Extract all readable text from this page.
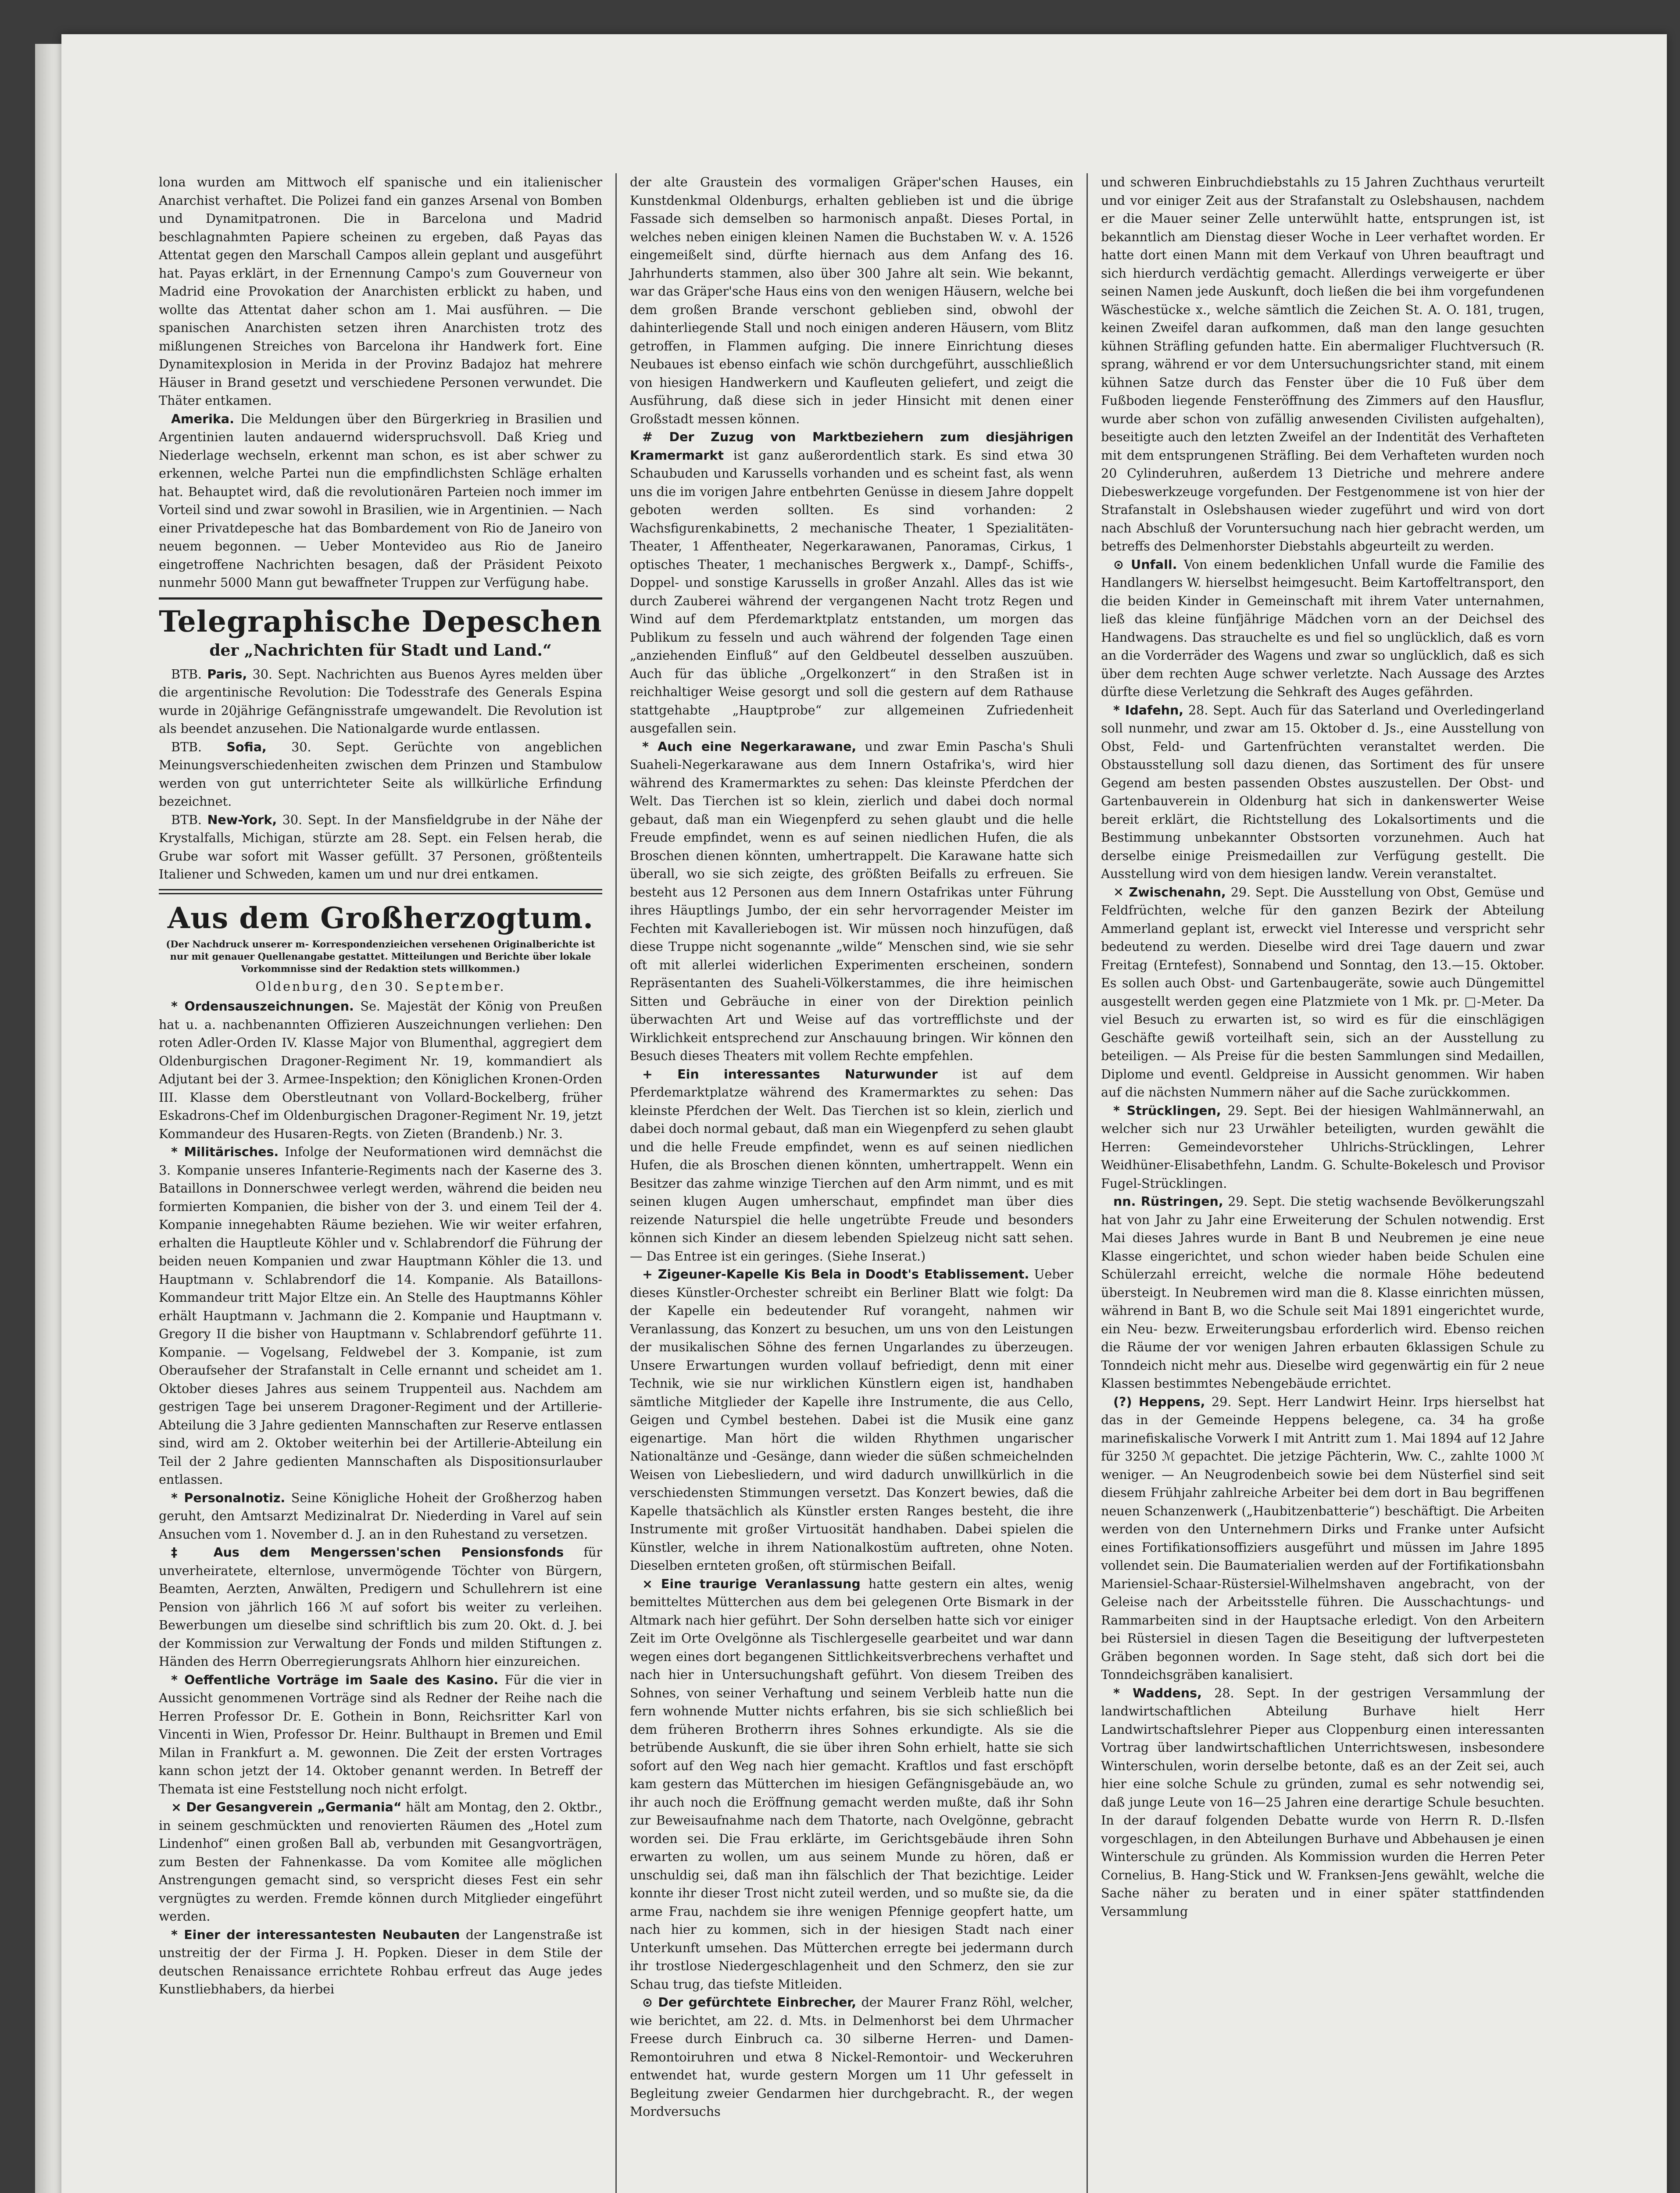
lona wurden am Mittwoch elf spanische und ein italienischer Anarchist verhaftet. Die Polizei fand ein ganzes Arsenal von Bomben und Dynamitpatronen. Die in Barcelona und Madrid beschlagnahmten Papiere scheinen zu ergeben, daß Payas das Attentat gegen den Marschall Campos allein geplant und ausgeführt hat. Payas erklärt, in der Ernennung Campo's zum Gouverneur von Madrid eine Provokation der Anarchisten erblickt zu haben, und wollte das Attentat daher schon am 1. Mai ausführen. — Die spanischen Anarchisten setzen ihren Anarchisten trotz des mißlungenen Streiches von Barcelona ihr Handwerk fort. Eine Dynamitexplosion in Merida in der Provinz Badajoz hat mehrere Häuser in Brand gesetzt und verschiedene Personen verwundet. Die Thäter entkamen.

Amerika. Die Meldungen über den Bürgerkrieg in Brasilien und Argentinien lauten andauernd widerspruchsvoll. Daß Krieg und Niederlage wechseln, erkennt man schon, es ist aber schwer zu erkennen, welche Partei nun die empfindlichsten Schläge erhalten hat. Behauptet wird, daß die revolutionären Parteien noch immer im Vorteil sind und zwar sowohl in Brasilien, wie in Argentinien. — Nach einer Privatdepesche hat das Bombardement von Rio de Janeiro von neuem begonnen. — Ueber Montevideo aus Rio de Janeiro eingetroffene Nachrichten besagen, daß der Präsident Peixoto nunmehr 5000 Mann gut bewaffneter Truppen zur Verfügung habe.

Telegraphische Depeschen
der „Nachrichten für Stadt und Land.“

BTB. Paris, 30. Sept. Nachrichten aus Buenos Ayres melden über die argentinische Revolution: Die Todesstrafe des Generals Espina wurde in 20jährige Gefängnisstrafe umgewandelt. Die Revolution ist als beendet anzusehen. Die Nationalgarde wurde entlassen.

BTB. Sofia, 30. Sept. Gerüchte von angeblichen Meinungsverschiedenheiten zwischen dem Prinzen und Stambulow werden von gut unterrichteter Seite als willkürliche Erfindung bezeichnet.

BTB. New-York, 30. Sept. In der Mansfieldgrube in der Nähe der Krystalfalls, Michigan, stürzte am 28. Sept. ein Felsen herab, die Grube war sofort mit Wasser gefüllt. 37 Personen, größtenteils Italiener und Schweden, kamen um und nur drei entkamen.

Aus dem Großherzogtum.
(Der Nachdruck unserer m- Korrespondenzieichen versehenen Originalberichte ist nur mit genauer Quellenangabe gestattet. Mitteilungen und Berichte über lokale Vorkommnisse sind der Redaktion stets willkommen.)
Oldenburg, den 30. September.

* Ordensauszeichnungen. Se. Majestät der König von Preußen hat u. a. nachbenannten Offizieren Auszeichnungen verliehen: Den roten Adler-Orden IV. Klasse Major von Blumenthal, aggregiert dem Oldenburgischen Dragoner-Regiment Nr. 19, kommandiert als Adjutant bei der 3. Armee-Inspektion; den Königlichen Kronen-Orden III. Klasse dem Oberstleutnant von Vollard-Bockelberg, früher Eskadrons-Chef im Oldenburgischen Dragoner-Regiment Nr. 19, jetzt Kommandeur des Husaren-Regts. von Zieten (Brandenb.) Nr. 3.

* Militärisches. Infolge der Neuformationen wird demnächst die 3. Kompanie unseres Infanterie-Regiments nach der Kaserne des 3. Bataillons in Donnerschwee verlegt werden, während die beiden neu formierten Kompanien, die bisher von der 3. und einem Teil der 4. Kompanie innegehabten Räume beziehen. Wie wir weiter erfahren, erhalten die Hauptleute Köhler und v. Schlabrendorf die Führung der beiden neuen Kompanien und zwar Hauptmann Köhler die 13. und Hauptmann v. Schlabrendorf die 14. Kompanie. Als Bataillons-Kommandeur tritt Major Eltze ein. An Stelle des Hauptmanns Köhler erhält Hauptmann v. Jachmann die 2. Kompanie und Hauptmann v. Gregory II die bisher von Hauptmann v. Schlabrendorf geführte 11. Kompanie. — Vogelsang, Feldwebel der 3. Kompanie, ist zum Oberaufseher der Strafanstalt in Celle ernannt und scheidet am 1. Oktober dieses Jahres aus seinem Truppenteil aus. Nachdem am gestrigen Tage bei unserem Dragoner-Regiment und der Artillerie-Abteilung die 3 Jahre gedienten Mannschaften zur Reserve entlassen sind, wird am 2. Oktober weiterhin bei der Artillerie-Abteilung ein Teil der 2 Jahre gedienten Mannschaften als Dispositionsurlauber entlassen.

* Personalnotiz. Seine Königliche Hoheit der Großherzog haben geruht, den Amtsarzt Medizinalrat Dr. Niederding in Varel auf sein Ansuchen vom 1. November d. J. an in den Ruhestand zu versetzen.

‡ Aus dem Mengerssen'schen Pensionsfonds für unverheiratete, elternlose, unvermögende Töchter von Bürgern, Beamten, Aerzten, Anwälten, Predigern und Schullehrern ist eine Pension von jährlich 166 ℳ auf sofort bis weiter zu verleihen. Bewerbungen um dieselbe sind schriftlich bis zum 20. Okt. d. J. bei der Kommission zur Verwaltung der Fonds und milden Stiftungen z. Händen des Herrn Oberregierungsrats Ahlhorn hier einzureichen.

* Oeffentliche Vorträge im Saale des Kasino. Für die vier in Aussicht genommenen Vorträge sind als Redner der Reihe nach die Herren Professor Dr. E. Gothein in Bonn, Reichsritter Karl von Vincenti in Wien, Professor Dr. Heinr. Bulthaupt in Bremen und Emil Milan in Frankfurt a. M. gewonnen. Die Zeit der ersten Vortrages kann schon jetzt der 14. Oktober genannt werden. In Betreff der Themata ist eine Feststellung noch nicht erfolgt.

× Der Gesangverein „Germania“ hält am Montag, den 2. Oktbr., in seinem geschmückten und renovierten Räumen des „Hotel zum Lindenhof“ einen großen Ball ab, verbunden mit Gesangvorträgen, zum Besten der Fahnenkasse. Da vom Komitee alle möglichen Anstrengungen gemacht sind, so verspricht dieses Fest ein sehr vergnügtes zu werden. Fremde können durch Mitglieder eingeführt werden.

* Einer der interessantesten Neubauten der Langenstraße ist unstreitig der der Firma J. H. Popken. Dieser in dem Stile der deutschen Renaissance errichtete Rohbau erfreut das Auge jedes Kunstliebhabers, da hierbei

der alte Graustein des vormaligen Gräper'schen Hauses, ein Kunstdenkmal Oldenburgs, erhalten geblieben ist und die übrige Fassade sich demselben so harmonisch anpaßt. Dieses Portal, in welches neben einigen kleinen Namen die Buchstaben W. v. A. 1526 eingemeißelt sind, dürfte hiernach aus dem Anfang des 16. Jahrhunderts stammen, also über 300 Jahre alt sein. Wie bekannt, war das Gräper'sche Haus eins von den wenigen Häusern, welche bei dem großen Brande verschont geblieben sind, obwohl der dahinterliegende Stall und noch einigen anderen Häusern, vom Blitz getroffen, in Flammen aufging. Die innere Einrichtung dieses Neubaues ist ebenso einfach wie schön durchgeführt, ausschließlich von hiesigen Handwerkern und Kaufleuten geliefert, und zeigt die Ausführung, daß diese sich in jeder Hinsicht mit denen einer Großstadt messen können.

# Der Zuzug von Marktbeziehern zum diesjährigen Kramermarkt ist ganz außerordentlich stark. Es sind etwa 30 Schaubuden und Karussells vorhanden und es scheint fast, als wenn uns die im vorigen Jahre entbehrten Genüsse in diesem Jahre doppelt geboten werden sollten. Es sind vorhanden: 2 Wachsfigurenkabinetts, 2 mechanische Theater, 1 Spezialitäten-Theater, 1 Affentheater, Negerkarawanen, Panoramas, Cirkus, 1 optisches Theater, 1 mechanisches Bergwerk x., Dampf-, Schiffs-, Doppel- und sonstige Karussells in großer Anzahl. Alles das ist wie durch Zauberei während der vergangenen Nacht trotz Regen und Wind auf dem Pferdemarktplatz entstanden, um morgen das Publikum zu fesseln und auch während der folgenden Tage einen „anziehenden Einfluß“ auf den Geldbeutel desselben auszuüben. Auch für das übliche „Orgelkonzert“ in den Straßen ist in reichhaltiger Weise gesorgt und soll die gestern auf dem Rathause stattgehabte „Hauptprobe“ zur allgemeinen Zufriedenheit ausgefallen sein.

* Auch eine Negerkarawane, und zwar Emin Pascha's Shuli Suaheli-Negerkarawane aus dem Innern Ostafrika's, wird hier während des Kramermarktes zu sehen: Das kleinste Pferdchen der Welt. Das Tierchen ist so klein, zierlich und dabei doch normal gebaut, daß man ein Wiegenpferd zu sehen glaubt und die helle Freude empfindet, wenn es auf seinen niedlichen Hufen, die als Broschen dienen könnten, umhertrappelt. Die Karawane hatte sich überall, wo sie sich zeigte, des größten Beifalls zu erfreuen. Sie besteht aus 12 Personen aus dem Innern Ostafrikas unter Führung ihres Häuptlings Jumbo, der ein sehr hervorragender Meister im Fechten mit Kavalleriebogen ist. Wir müssen noch hinzufügen, daß diese Truppe nicht sogenannte „wilde“ Menschen sind, wie sie sehr oft mit allerlei widerlichen Experimenten erscheinen, sondern Repräsentanten des Suaheli-Völkerstammes, die ihre heimischen Sitten und Gebräuche in einer von der Direktion peinlich überwachten Art und Weise auf das vortrefflichste und der Wirklichkeit entsprechend zur Anschauung bringen. Wir können den Besuch dieses Theaters mit vollem Rechte empfehlen.

+ Ein interessantes Naturwunder ist auf dem Pferdemarktplatze während des Kramermarktes zu sehen: Das kleinste Pferdchen der Welt. Das Tierchen ist so klein, zierlich und dabei doch normal gebaut, daß man ein Wiegenpferd zu sehen glaubt und die helle Freude empfindet, wenn es auf seinen niedlichen Hufen, die als Broschen dienen könnten, umhertrappelt. Wenn ein Besitzer das zahme winzige Tierchen auf den Arm nimmt, und es mit seinen klugen Augen umherschaut, empfindet man über dies reizende Naturspiel die helle ungetrübte Freude und besonders können sich Kinder an diesem lebenden Spielzeug nicht satt sehen. — Das Entree ist ein geringes. (Siehe Inserat.)

+ Zigeuner-Kapelle Kis Bela in Doodt's Etablissement. Ueber dieses Künstler-Orchester schreibt ein Berliner Blatt wie folgt: Da der Kapelle ein bedeutender Ruf vorangeht, nahmen wir Veranlassung, das Konzert zu besuchen, um uns von den Leistungen der musikalischen Söhne des fernen Ungarlandes zu überzeugen. Unsere Erwartungen wurden vollauf befriedigt, denn mit einer Technik, wie sie nur wirklichen Künstlern eigen ist, handhaben sämtliche Mitglieder der Kapelle ihre Instrumente, die aus Cello, Geigen und Cymbel bestehen. Dabei ist die Musik eine ganz eigenartige. Man hört die wilden Rhythmen ungarischer Nationaltänze und -Gesänge, dann wieder die süßen schmeichelnden Weisen von Liebesliedern, und wird dadurch unwillkürlich in die verschiedensten Stimmungen versetzt. Das Konzert bewies, daß die Kapelle thatsächlich als Künstler ersten Ranges besteht, die ihre Instrumente mit großer Virtuosität handhaben. Dabei spielen die Künstler, welche in ihrem Nationalkostüm auftreten, ohne Noten. Dieselben ernteten großen, oft stürmischen Beifall.

× Eine traurige Veranlassung hatte gestern ein altes, wenig bemitteltes Mütterchen aus dem bei gelegenen Orte Bismark in der Altmark nach hier geführt. Der Sohn derselben hatte sich vor einiger Zeit im Orte Ovelgönne als Tischlergeselle gearbeitet und war dann wegen eines dort begangenen Sittlichkeitsverbrechens verhaftet und nach hier in Untersuchungshaft geführt. Von diesem Treiben des Sohnes, von seiner Verhaftung und seinem Verbleib hatte nun die fern wohnende Mutter nichts erfahren, bis sie sich schließlich bei dem früheren Brotherrn ihres Sohnes erkundigte. Als sie die betrübende Auskunft, die sie über ihren Sohn erhielt, hatte sie sich sofort auf den Weg nach hier gemacht. Kraftlos und fast erschöpft kam gestern das Mütterchen im hiesigen Gefängnisgebäude an, wo ihr auch noch die Eröffnung gemacht werden mußte, daß ihr Sohn zur Beweisaufnahme nach dem Thatorte, nach Ovelgönne, gebracht worden sei. Die Frau erklärte, im Gerichtsgebäude ihren Sohn erwarten zu wollen, um aus seinem Munde zu hören, daß er unschuldig sei, daß man ihn fälschlich der That bezichtige. Leider konnte ihr dieser Trost nicht zuteil werden, und so mußte sie, da die arme Frau, nachdem sie ihre wenigen Pfennige geopfert hatte, um nach hier zu kommen, sich in der hiesigen Stadt nach einer Unterkunft umsehen. Das Mütterchen erregte bei jedermann durch ihr trostlose Niedergeschlagenheit und den Schmerz, den sie zur Schau trug, das tiefste Mitleiden.

⊙ Der gefürchtete Einbrecher, der Maurer Franz Röhl, welcher, wie berichtet, am 22. d. Mts. in Delmenhorst bei dem Uhrmacher Freese durch Einbruch ca. 30 silberne Herren- und Damen-Remontoiruhren und etwa 8 Nickel-Remontoir- und Weckeruhren entwendet hat, wurde gestern Morgen um 11 Uhr gefesselt in Begleitung zweier Gendarmen hier durchgebracht. R., der wegen Mordversuchs

und schweren Einbruchdiebstahls zu 15 Jahren Zuchthaus verurteilt und vor einiger Zeit aus der Strafanstalt zu Oslebshausen, nachdem er die Mauer seiner Zelle unterwühlt hatte, entsprungen ist, ist bekanntlich am Dienstag dieser Woche in Leer verhaftet worden. Er hatte dort einen Mann mit dem Verkauf von Uhren beauftragt und sich hierdurch verdächtig gemacht. Allerdings verweigerte er über seinen Namen jede Auskunft, doch ließen die bei ihm vorgefundenen Wäschestücke x., welche sämtlich die Zeichen St. A. O. 181, trugen, keinen Zweifel daran aufkommen, daß man den lange gesuchten kühnen Sträfling gefunden hatte. Ein abermaliger Fluchtversuch (R. sprang, während er vor dem Untersuchungsrichter stand, mit einem kühnen Satze durch das Fenster über die 10 Fuß über dem Fußboden liegende Fensteröffnung des Zimmers auf den Hausflur, wurde aber schon von zufällig anwesenden Civilisten aufgehalten), beseitigte auch den letzten Zweifel an der Indentität des Verhafteten mit dem entsprungenen Sträfling. Bei dem Verhafteten wurden noch 20 Cylinderuhren, außerdem 13 Dietriche und mehrere andere Diebeswerkzeuge vorgefunden. Der Festgenommene ist von hier der Strafanstalt in Oslebshausen wieder zugeführt und wird von dort nach Abschluß der Voruntersuchung nach hier gebracht werden, um betreffs des Delmenhorster Diebstahls abgeurteilt zu werden.

⊙ Unfall. Von einem bedenklichen Unfall wurde die Familie des Handlangers W. hierselbst heimgesucht. Beim Kartoffeltransport, den die beiden Kinder in Gemeinschaft mit ihrem Vater unternahmen, ließ das kleine fünfjährige Mädchen vorn an der Deichsel des Handwagens. Das strauchelte es und fiel so unglücklich, daß es vorn an die Vorderräder des Wagens und zwar so unglücklich, daß es sich über dem rechten Auge schwer verletzte. Nach Aussage des Arztes dürfte diese Verletzung die Sehkraft des Auges gefährden.

* Idafehn, 28. Sept. Auch für das Saterland und Overledingerland soll nunmehr, und zwar am 15. Oktober d. Js., eine Ausstellung von Obst, Feld- und Gartenfrüchten veranstaltet werden. Die Obstausstellung soll dazu dienen, das Sortiment des für unsere Gegend am besten passenden Obstes auszustellen. Der Obst- und Gartenbauverein in Oldenburg hat sich in dankenswerter Weise bereit erklärt, die Richtstellung des Lokalsortiments und die Bestimmung unbekannter Obstsorten vorzunehmen. Auch hat derselbe einige Preismedaillen zur Verfügung gestellt. Die Ausstellung wird von dem hiesigen landw. Verein veranstaltet.

✕ Zwischenahn, 29. Sept. Die Ausstellung von Obst, Gemüse und Feldfrüchten, welche für den ganzen Bezirk der Abteilung Ammerland geplant ist, erweckt viel Interesse und verspricht sehr bedeutend zu werden. Dieselbe wird drei Tage dauern und zwar Freitag (Erntefest), Sonnabend und Sonntag, den 13.—15. Oktober. Es sollen auch Obst- und Gartenbaugeräte, sowie auch Düngemittel ausgestellt werden gegen eine Platzmiete von 1 Mk. pr. □-Meter. Da viel Besuch zu erwarten ist, so wird es für die einschlägigen Geschäfte gewiß vorteilhaft sein, sich an der Ausstellung zu beteiligen. — Als Preise für die besten Sammlungen sind Medaillen, Diplome und eventl. Geldpreise in Aussicht genommen. Wir haben auf die nächsten Nummern näher auf die Sache zurückkommen.

* Strücklingen, 29. Sept. Bei der hiesigen Wahlmännerwahl, an welcher sich nur 23 Urwähler beteiligten, wurden gewählt die Herren: Gemeindevorsteher Uhlrichs-Strücklingen, Lehrer Weidhüner-Elisabethfehn, Landm. G. Schulte-Bokelesch und Provisor Fugel-Strücklingen.

nn. Rüstringen, 29. Sept. Die stetig wachsende Bevölkerungszahl hat von Jahr zu Jahr eine Erweiterung der Schulen notwendig. Erst Mai dieses Jahres wurde in Bant B und Neubremen je eine neue Klasse eingerichtet, und schon wieder haben beide Schulen eine Schülerzahl erreicht, welche die normale Höhe bedeutend übersteigt. In Neubremen wird man die 8. Klasse einrichten müssen, während in Bant B, wo die Schule seit Mai 1891 eingerichtet wurde, ein Neu- bezw. Erweiterungsbau erforderlich wird. Ebenso reichen die Räume der vor wenigen Jahren erbauten 6klassigen Schule zu Tonndeich nicht mehr aus. Dieselbe wird gegenwärtig ein für 2 neue Klassen bestimmtes Nebengebäude errichtet.

(?) Heppens, 29. Sept. Herr Landwirt Heinr. Irps hierselbst hat das in der Gemeinde Heppens belegene, ca. 34 ha große marinefiskalische Vorwerk I mit Antritt zum 1. Mai 1894 auf 12 Jahre für 3250 ℳ gepachtet. Die jetzige Pächterin, Ww. C., zahlte 1000 ℳ weniger. — An Neugrodenbeich sowie bei dem Nüsterfiel sind seit diesem Frühjahr zahlreiche Arbeiter bei dem dort in Bau begriffenen neuen Schanzenwerk („Haubitzenbatterie“) beschäftigt. Die Arbeiten werden von den Unternehmern Dirks und Franke unter Aufsicht eines Fortifikationsoffiziers ausgeführt und müssen im Jahre 1895 vollendet sein. Die Baumaterialien werden auf der Fortifikationsbahn Mariensiel-Schaar-Rüstersiel-Wilhelmshaven angebracht, von der Geleise nach der Arbeitsstelle führen. Die Ausschachtungs- und Rammarbeiten sind in der Hauptsache erledigt. Von den Arbeitern bei Rüstersiel in diesen Tagen die Beseitigung der luftverpesteten Gräben begonnen worden. In Sage steht, daß sich dort bei die Tonndeichsgräben kanalisiert.

* Waddens, 28. Sept. In der gestrigen Versammlung der landwirtschaftlichen Abteilung Burhave hielt Herr Landwirtschaftslehrer Pieper aus Cloppenburg einen interessanten Vortrag über landwirtschaftlichen Unterrichtswesen, insbesondere Winterschulen, worin derselbe betonte, daß es an der Zeit sei, auch hier eine solche Schule zu gründen, zumal es sehr notwendig sei, daß junge Leute von 16—25 Jahren eine derartige Schule besuchten. In der darauf folgenden Debatte wurde von Herrn R. D.-Ilsfen vorgeschlagen, in den Abteilungen Burhave und Abbehausen je einen Winterschule zu gründen. Als Kommission wurden die Herren Peter Cornelius, B. Hang-Stick und W. Franksen-Jens gewählt, welche die Sache näher zu beraten und in einer später stattfindenden Versammlung
